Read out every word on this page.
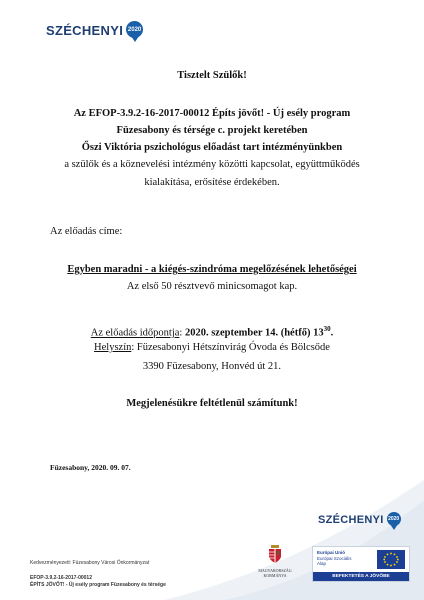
SZÉCHENYI 2020
Tisztelt Szülők!
Az EFOP-3.9.2-16-2017-00012 Építs jövőt! - Új esély program
Füzesabony és térsége c. projekt keretében
Őszi Viktória pszichológus előadást tart intézményünkben
a szülők és a köznevelési intézmény közötti kapcsolat, együttműködés
kialakítása, erősítése érdekében.
Az előadás címe:
Egyben maradni - a kiégés-szindróma megelőzésének lehetőségei
Az első 50 résztvevő minicsomagot kap.
Az előadás időpontja: 2020. szeptember 14. (hétfő) $13^{30}$.
Helyszín: Füzesabonyi Hétszínvirág Óvoda és Bölcsőde
3390 Füzesabony, Honvéd út 21.
Megjelenésükre feltétlenül számítunk!
Füzesabony, 2020. 09. 07.
SZÉCHENYI 2020
Kedvezményezett: Füzesabony Városi Önkormányzat
EFOP-3.9.2-16-2017-00012
ÉPÍTS JÖVŐT! - Új esély program Füzesabony és térsége
MAGYARORSZÁG
KORMÁNYA
Európai Unió
Európai Szociális
Alap
BEFEKTETÉS A JÖVŐBE
